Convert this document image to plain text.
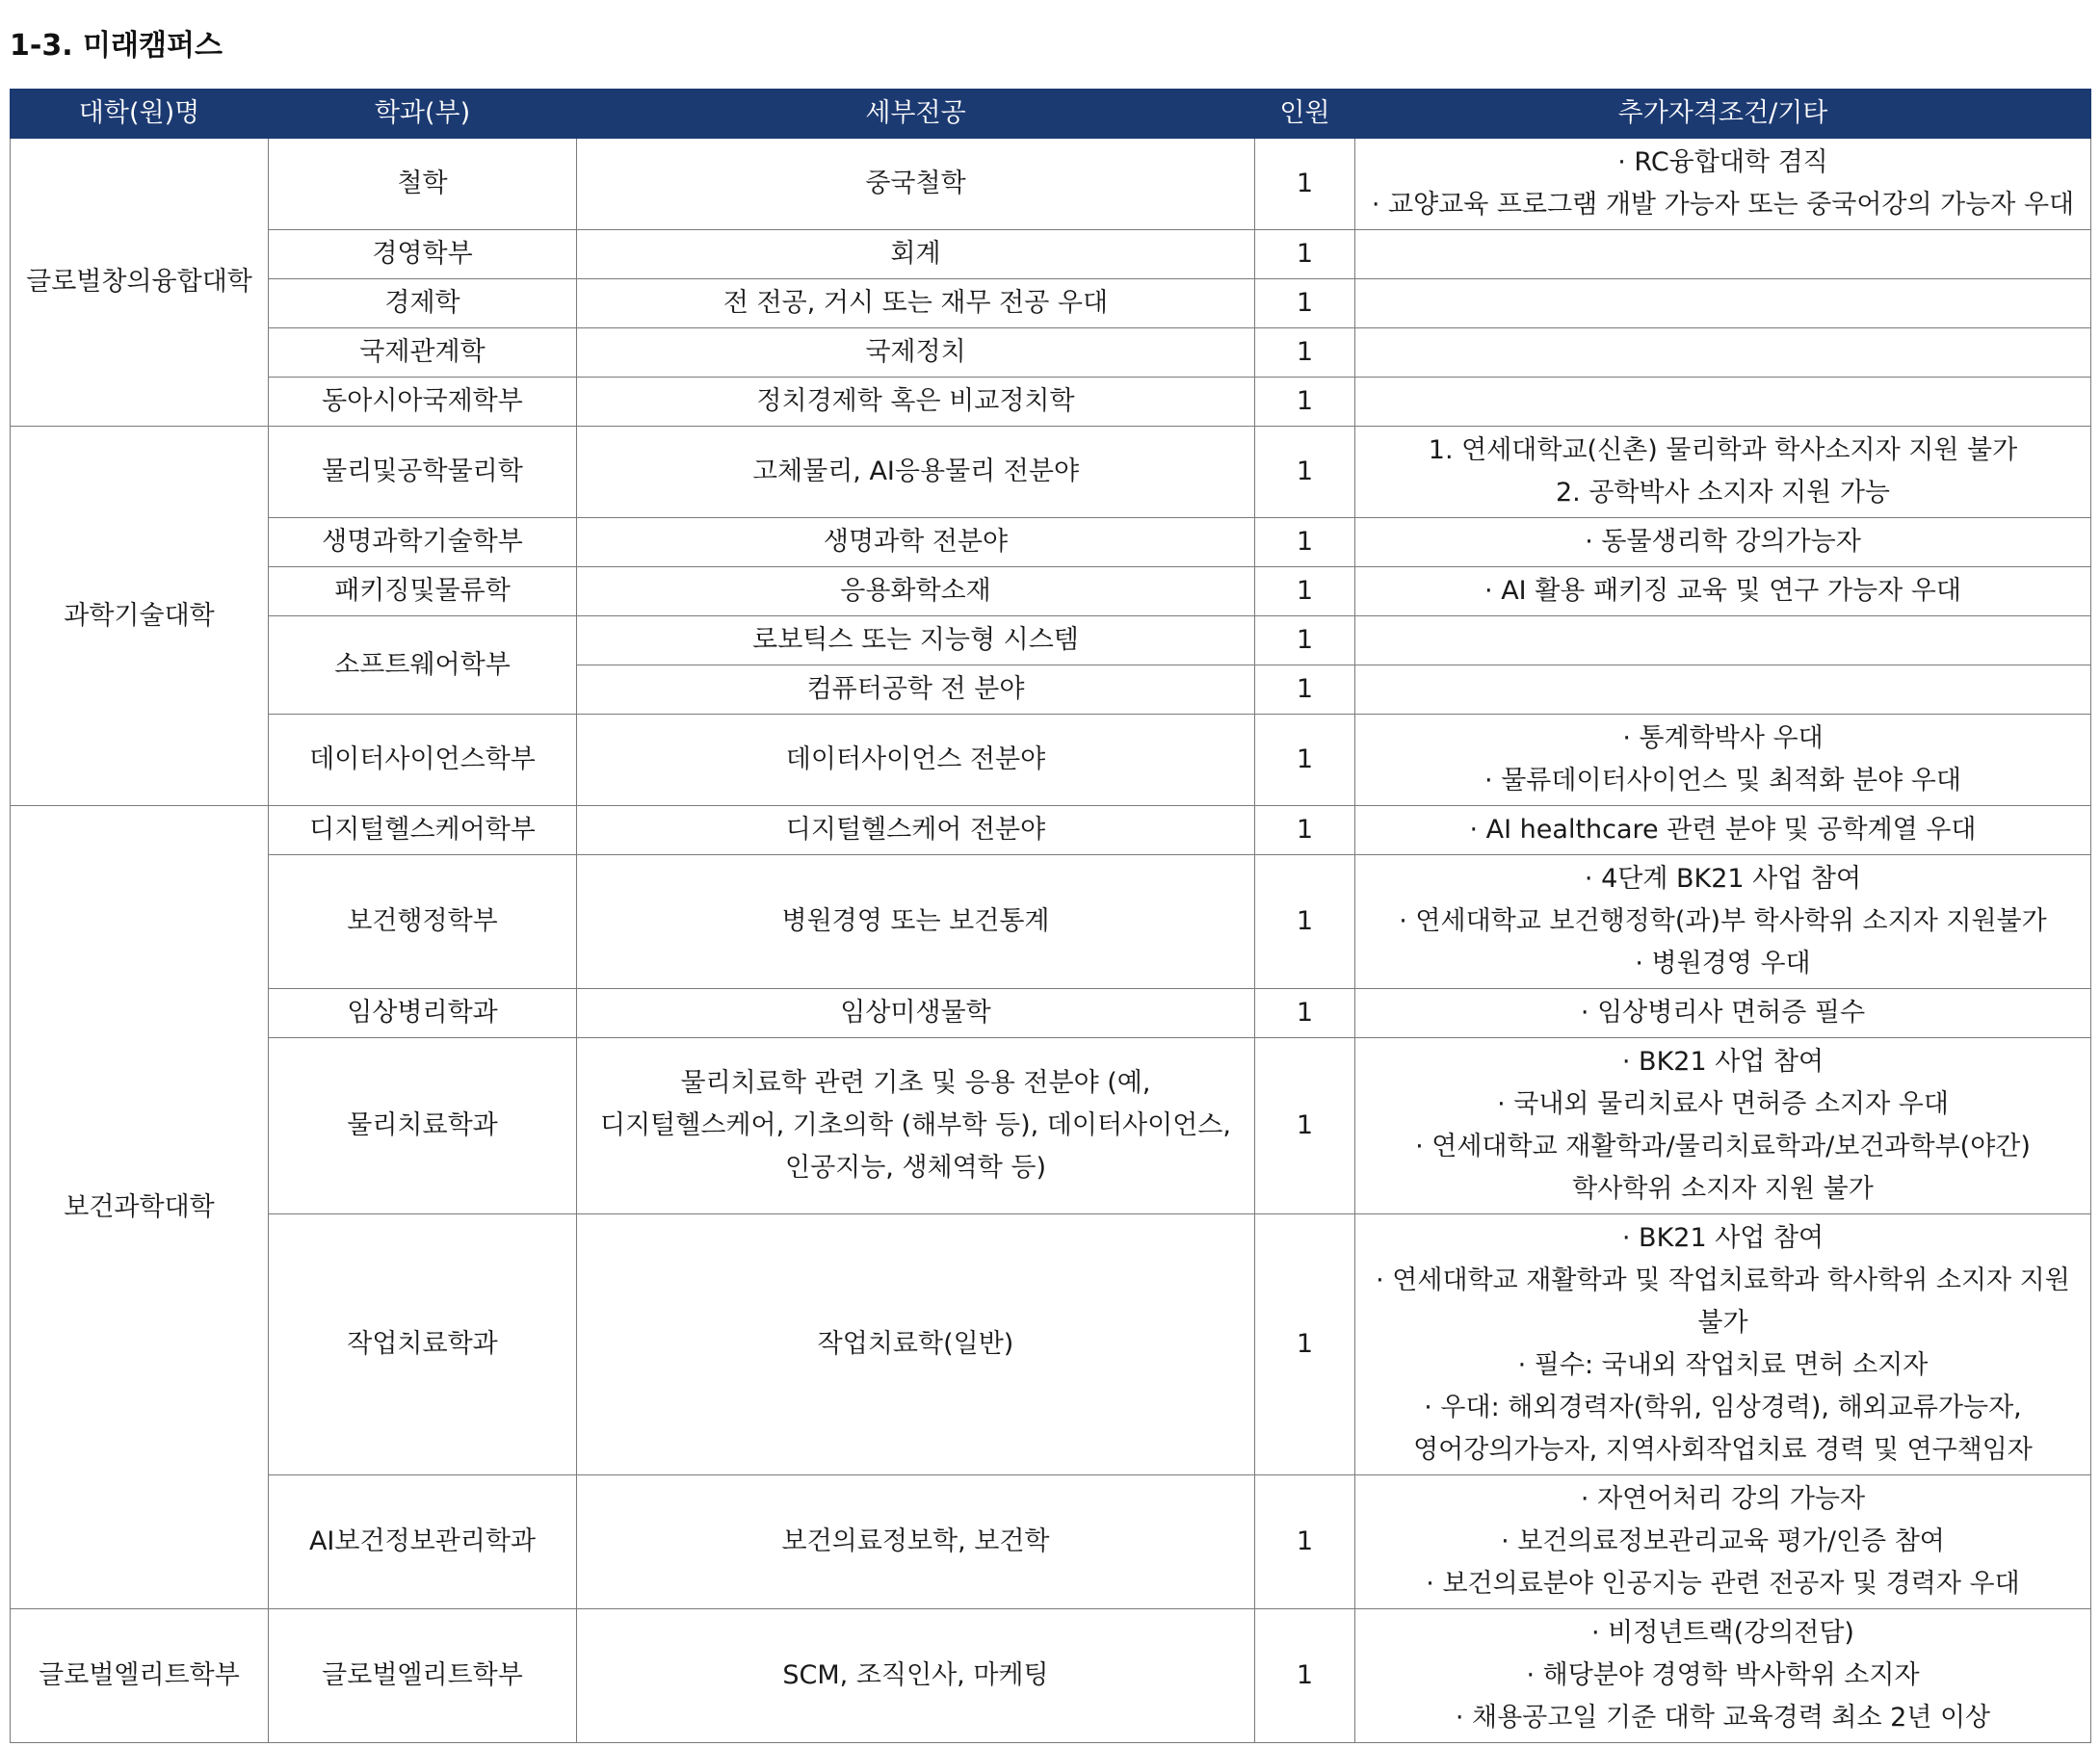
1-3. 미래캠퍼스
대학(원)명	학과(부)	세부전공	인원	추가자격조건/기타
글로벌창의융합대학	철학	중국철학	1	· RC융합대학 겸직
· 교양교육 프로그램 개발 가능자 또는 중국어강의 가능자 우대

	경영학부	회계	1	

	경제학	전 전공, 거시 또는 재무 전공 우대	1	

	국제관계학	국제정치	1	

	동아시아국제학부	정치경제학 혹은 비교정치학	1	

과학기술대학	물리및공학물리학	고체물리, AI응용물리 전분야	1	1. 연세대학교(신촌) 물리학과 학사소지자 지원 불가
2. 공학박사 소지자 지원 가능

	생명과학기술학부	생명과학 전분야	1	· 동물생리학 강의가능자

	패키징및물류학	응용화학소재	1	· AI 활용 패키징 교육 및 연구 가능자 우대

	소프트웨어학부	로보틱스 또는 지능형 시스템	1	

		컴퓨터공학 전 분야	1	

	데이터사이언스학부	데이터사이언스 전분야	1	· 통계학박사 우대
· 물류데이터사이언스 및 최적화 분야 우대

보건과학대학	디지털헬스케어학부	디지털헬스케어 전분야	1	· AI healthcare 관련 분야 및 공학계열 우대

	보건행정학부	병원경영 또는 보건통계	1	· 4단계 BK21 사업 참여
· 연세대학교 보건행정학(과)부 학사학위 소지자 지원불가
· 병원경영 우대

	임상병리학과	임상미생물학	1	· 임상병리사 면허증 필수

	물리치료학과	물리치료학 관련 기초 및 응용 전분야 (예, 디지털헬스케어, 기초의학 (해부학 등), 데이터사이언스, 인공지능, 생체역학 등)	1	· BK21 사업 참여
· 국내외 물리치료사 면허증 소지자 우대
· 연세대학교 재활학과/물리치료학과/보건과학부(야간) 학사학위 소지자 지원 불가

	작업치료학과	작업치료학(일반)	1	· BK21 사업 참여
· 연세대학교 재활학과 및 작업치료학과 학사학위 소지자 지원 불가
· 필수: 국내외 작업치료 면허 소지자
· 우대: 해외경력자(학위, 임상경력), 해외교류가능자, 영어강의가능자, 지역사회작업치료 경력 및 연구책임자

	AI보건정보관리학과	보건의료정보학, 보건학	1	· 자연어처리 강의 가능자
· 보건의료정보관리교육 평가/인증 참여
· 보건의료분야 인공지능 관련 전공자 및 경력자 우대

글로벌엘리트학부	글로벌엘리트학부	SCM, 조직인사, 마케팅	1	· 비정년트랙(강의전담)
· 해당분야 경영학 박사학위 소지자
· 채용공고일 기준 대학 교육경력 최소 2년 이상
